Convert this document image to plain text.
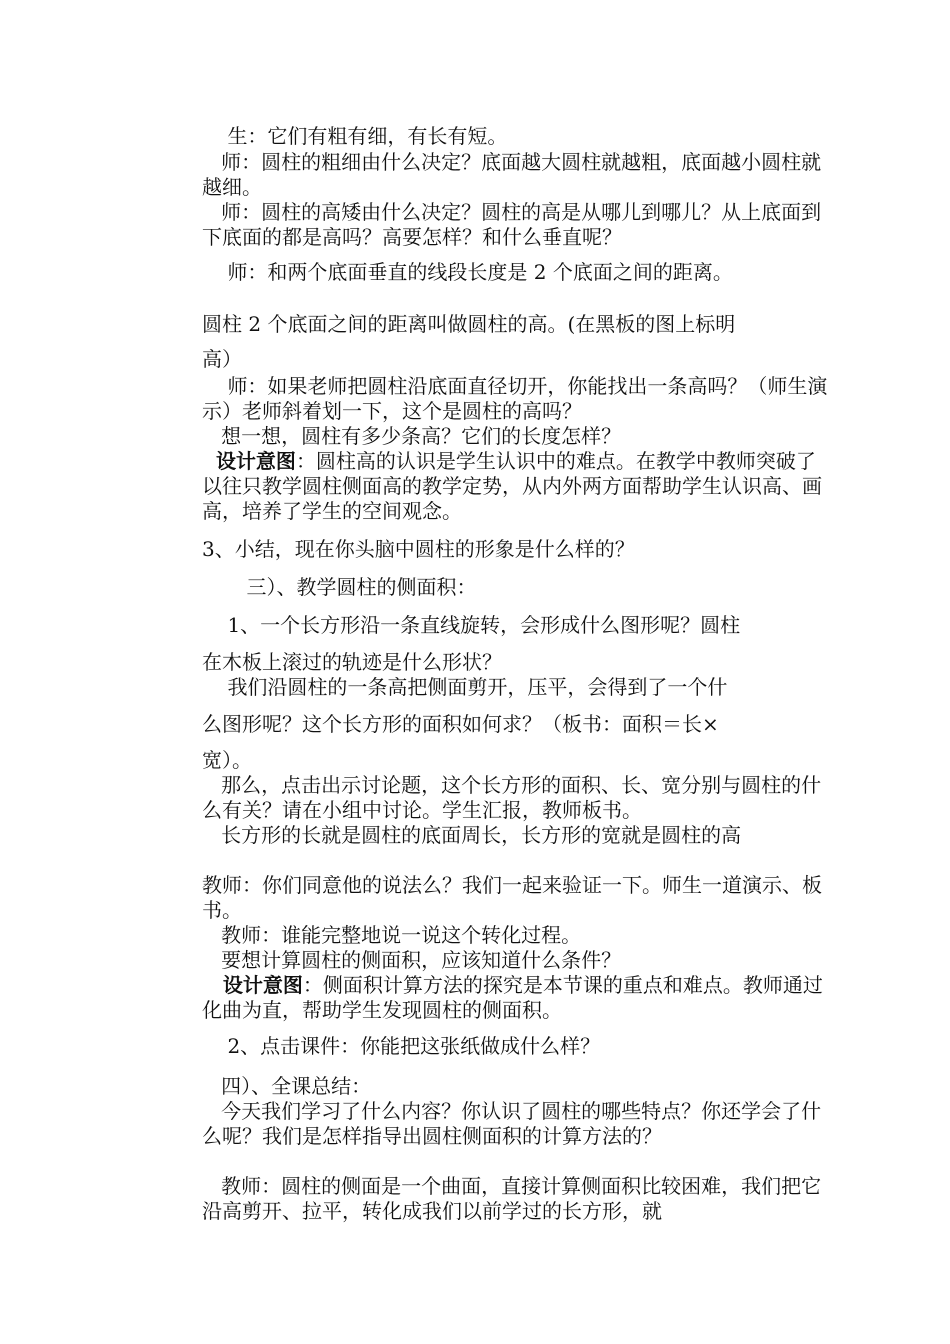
生：它们有粗有细，有长有短。

师：圆柱的粗细由什么决定？底面越大圆柱就越粗，底面越小圆柱就越细。

师：圆柱的高矮由什么决定？圆柱的高是从哪儿到哪儿？从上底面到下底面的都是高吗？高要怎样？和什么垂直呢？

师：和两个底面垂直的线段长度是 2 个底面之间的距离。

圆柱 2 个底面之间的距离叫做圆柱的高。(在黑板的图上标明

高）

师：如果老师把圆柱沿底面直径切开，你能找出一条高吗？（师生演示）老师斜着划一下，这个是圆柱的高吗？

想一想，圆柱有多少条高？它们的长度怎样？

设计意图：圆柱高的认识是学生认识中的难点。在教学中教师突破了以往只教学圆柱侧面高的教学定势，从内外两方面帮助学生认识高、画高，培养了学生的空间观念。

3、小结，现在你头脑中圆柱的形象是什么样的？

三）、教学圆柱的侧面积：

1、一个长方形沿一条直线旋转，会形成什么图形呢？圆柱

在木板上滚过的轨迹是什么形状？

我们沿圆柱的一条高把侧面剪开，压平，会得到了一个什

么图形呢？这个长方形的面积如何求？（板书：面积＝长×

宽）。

那么，点击出示讨论题，这个长方形的面积、长、宽分别与圆柱的什么有关？请在小组中讨论。学生汇报，教师板书。

长方形的长就是圆柱的底面周长，长方形的宽就是圆柱的高

教师：你们同意他的说法么？我们一起来验证一下。师生一道演示、板书。

教师：谁能完整地说一说这个转化过程。

要想计算圆柱的侧面积，应该知道什么条件？

设计意图：侧面积计算方法的探究是本节课的重点和难点。教师通过化曲为直，帮助学生发现圆柱的侧面积。

2、点击课件：你能把这张纸做成什么样？

四）、全课总结：

今天我们学习了什么内容？你认识了圆柱的哪些特点？你还学会了什么呢？我们是怎样指导出圆柱侧面积的计算方法的？

教师：圆柱的侧面是一个曲面，直接计算侧面积比较困难，我们把它沿高剪开、拉平，转化成我们以前学过的长方形，就
